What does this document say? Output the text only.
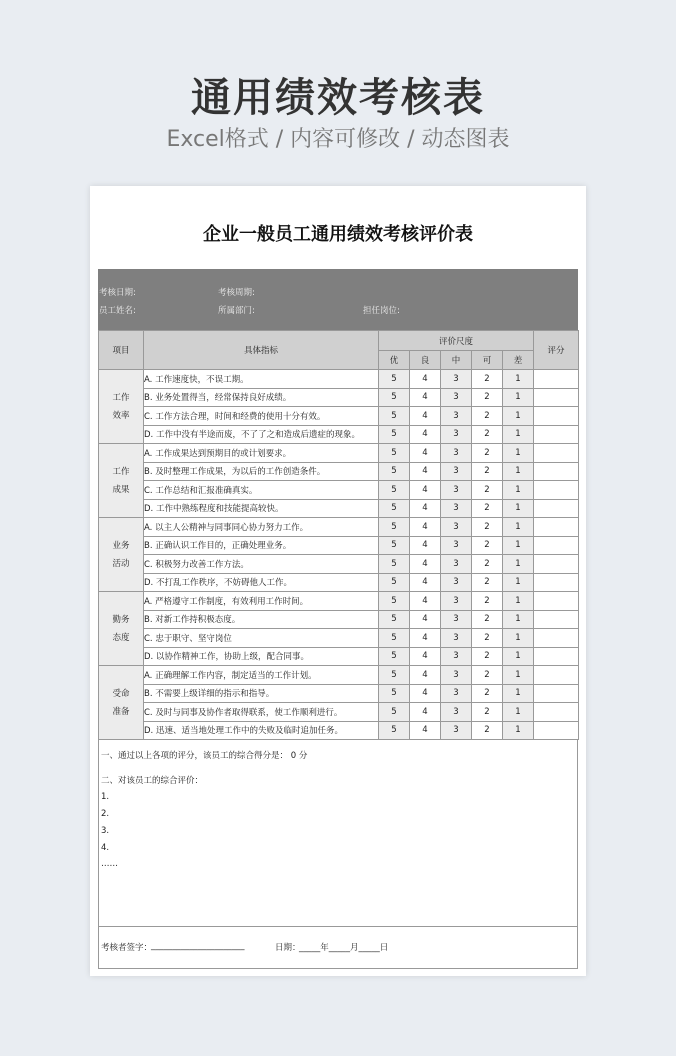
通用绩效考核表
Excel格式 / 内容可修改 / 动态图表
企业一般员工通用绩效考核评价表
考核日期:	考核周期:
员工姓名:	所属部门:	担任岗位:
项目	具体指标	评价尺度					评分
		优	良	中	可	差	
工作
效率	A. 工作速度快，不误工期。	5	4	3	2	1	
	B. 业务处置得当，经常保持良好成绩。	5	4	3	2	1	
	C. 工作方法合理，时间和经费的使用十分有效。	5	4	3	2	1	
	D. 工作中没有半途而废，不了了之和造成后遗症的现象。	5	4	3	2	1	
工作
成果	A. 工作成果达到预期目的或计划要求。	5	4	3	2	1	
	B. 及时整理工作成果，为以后的工作创造条件。	5	4	3	2	1	
	C. 工作总结和汇报准确真实。	5	4	3	2	1	
	D. 工作中熟练程度和技能提高较快。	5	4	3	2	1	
业务
活动	A. 以主人公精神与同事同心协力努力工作。	5	4	3	2	1	
	B. 正确认识工作目的，正确处理业务。	5	4	3	2	1	
	C. 积极努力改善工作方法。	5	4	3	2	1	
	D. 不打乱工作秩序，不妨碍他人工作。	5	4	3	2	1	
勤务
态度	A. 严格遵守工作制度，有效利用工作时间。	5	4	3	2	1	
	B. 对新工作持积极态度。	5	4	3	2	1	
	C. 忠于职守、坚守岗位	5	4	3	2	1	
	D. 以协作精神工作，协助上级，配合同事。	5	4	3	2	1	
受命
准备	A. 正确理解工作内容，制定适当的工作计划。	5	4	3	2	1	
	B. 不需要上级详细的指示和指导。	5	4	3	2	1	
	C. 及时与同事及协作者取得联系，使工作顺利进行。	5	4	3	2	1	
	D. 迅速、适当地处理工作中的失败及临时追加任务。	5	4	3	2	1	
一、通过以上各项的评分，该员工的综合得分是： 0 分
二、对该员工的综合评价：
1.
2.
3.
4.
……
考核者签字：
______________________	日期：
_____年_____月_____日
